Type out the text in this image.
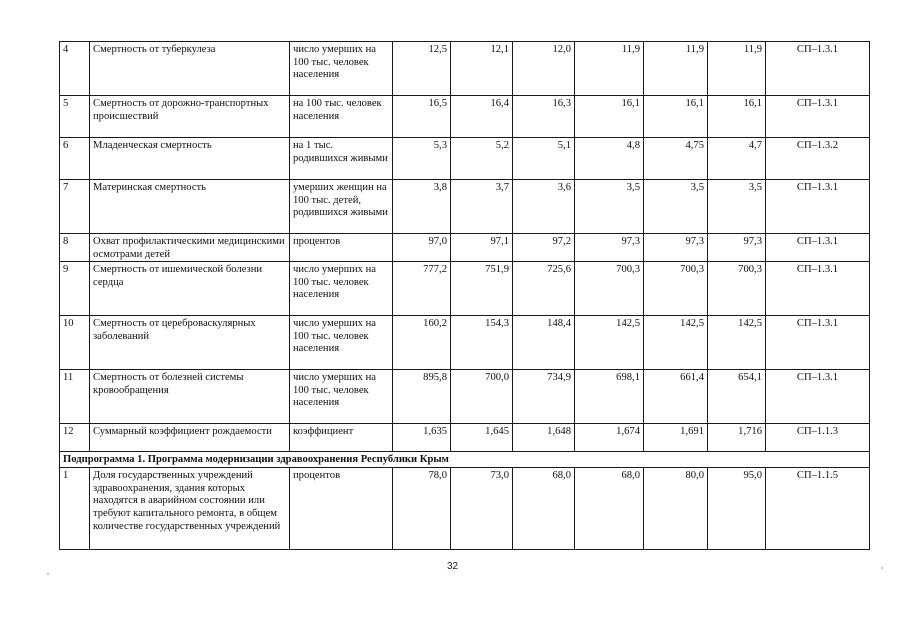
4	Смертность от туберкулеза	число умерших на 100 тыс. человек населения	12,5	12,1	12,0	11,9	11,9	11,9	СП–1.3.1
5	Смертность от дорожно-транспортных происшествий	на 100 тыс. человек населения	16,5	16,4	16,3	16,1	16,1	16,1	СП–1.3.1
6	Младенческая смертность	на 1 тыс. родившихся живыми	5,3	5,2	5,1	4,8	4,75	4,7	СП–1.3.2
7	Материнская смертность	умерших женщин на 100 тыс. детей, родившихся живыми	3,8	3,7	3,6	3,5	3,5	3,5	СП–1.3.1
8	Охват профилактическими медицинскими осмотрами детей	процентов	97,0	97,1	97,2	97,3	97,3	97,3	СП–1.3.1
9	Смертность от ишемической болезни сердца	число умерших на 100 тыс. человек населения	777,2	751,9	725,6	700,3	700,3	700,3	СП–1.3.1
10	Смертность от цереброваскулярных заболеваний	число умерших на 100 тыс. человек населения	160,2	154,3	148,4	142,5	142,5	142,5	СП–1.3.1
11	Смертность от болезней системы кровообращения	число умерших на 100 тыс. человек населения	895,8	700,0	734,9	698,1	661,4	654,1	СП–1.3.1
12	Суммарный коэффициент рождаемости	коэффициент	1,635	1,645	1,648	1,674	1,691	1,716	СП–1.1.3
Подпрограмма 1. Программа модернизации здравоохранения Республики Крым									
1	Доля государственных учреждений здравоохранения, здания которых находятся в аварийном состоянии или требуют капитального ремонта, в общем количестве государственных учреждений	процентов	78,0	73,0	68,0	68,0	80,0	95,0	СП–1.1.5
32
